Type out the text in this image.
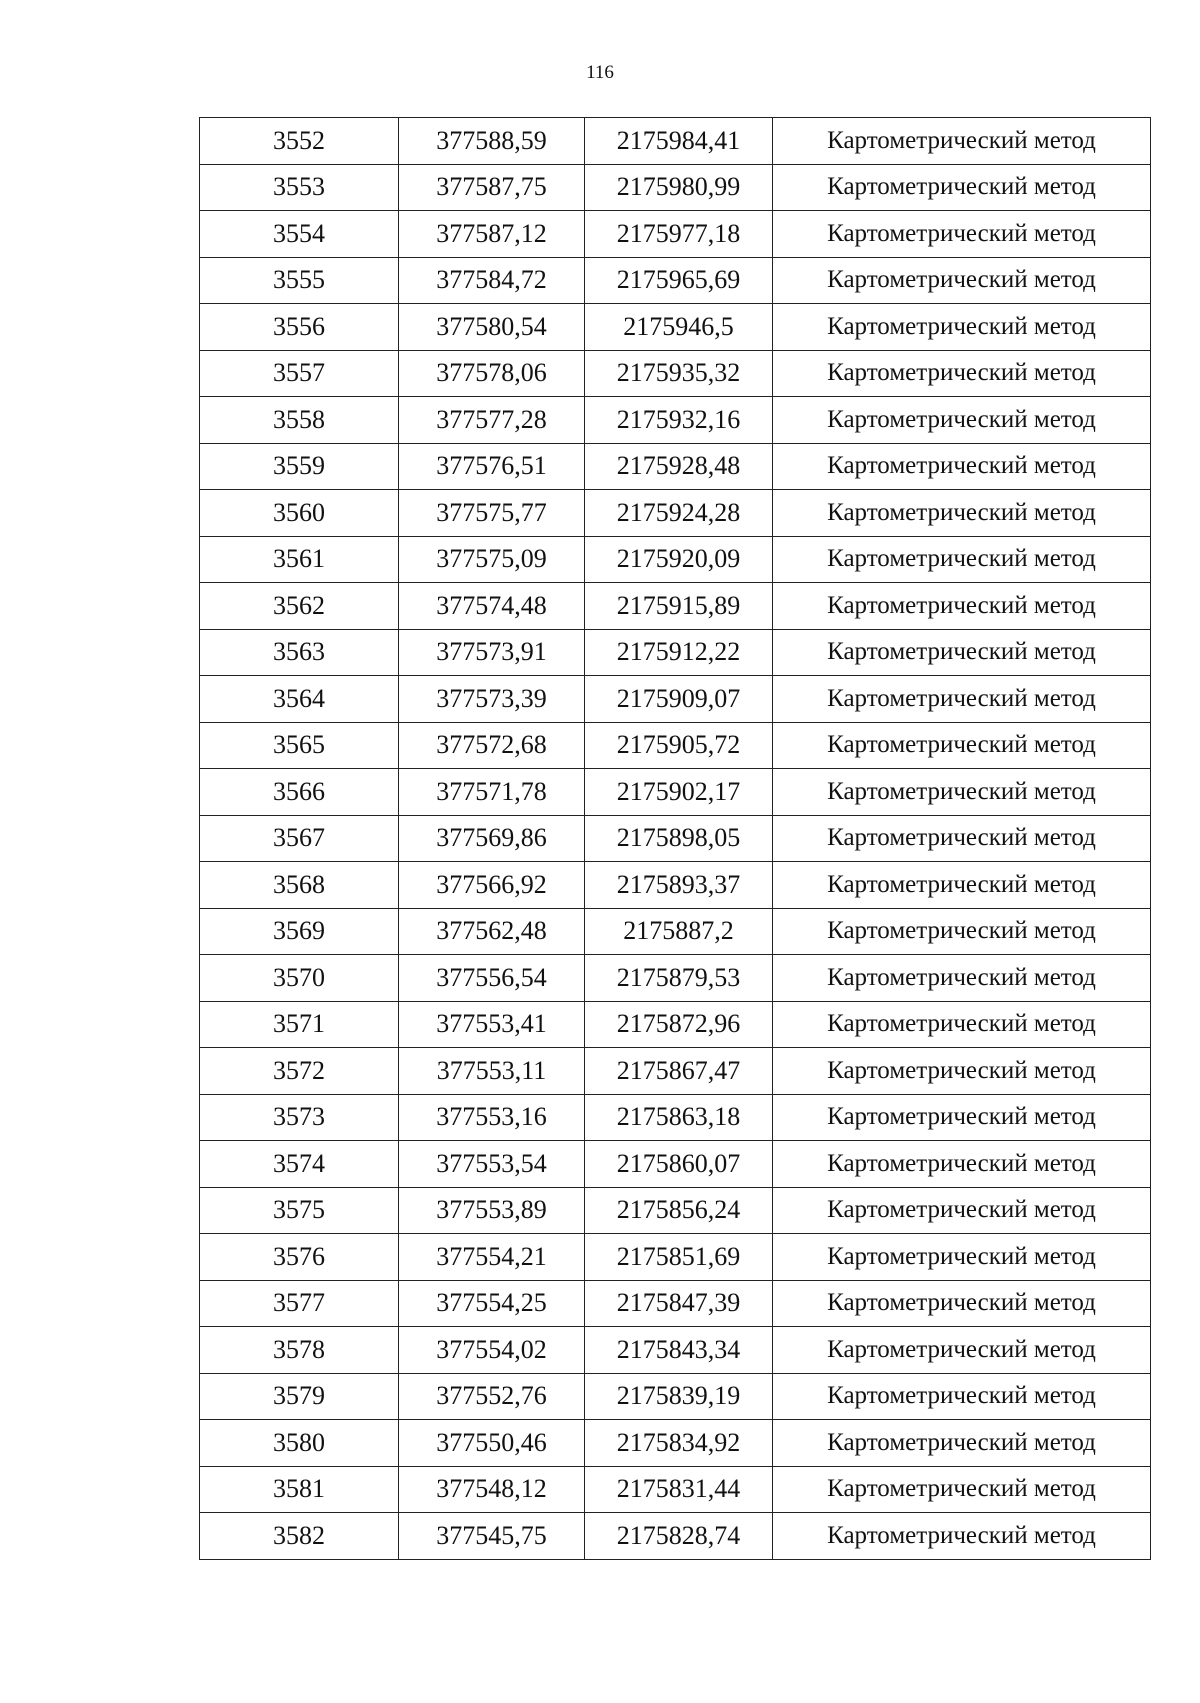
116
3552	377588,59	2175984,41	Картометрический метод
3553	377587,75	2175980,99	Картометрический метод
3554	377587,12	2175977,18	Картометрический метод
3555	377584,72	2175965,69	Картометрический метод
3556	377580,54	2175946,5	Картометрический метод
3557	377578,06	2175935,32	Картометрический метод
3558	377577,28	2175932,16	Картометрический метод
3559	377576,51	2175928,48	Картометрический метод
3560	377575,77	2175924,28	Картометрический метод
3561	377575,09	2175920,09	Картометрический метод
3562	377574,48	2175915,89	Картометрический метод
3563	377573,91	2175912,22	Картометрический метод
3564	377573,39	2175909,07	Картометрический метод
3565	377572,68	2175905,72	Картометрический метод
3566	377571,78	2175902,17	Картометрический метод
3567	377569,86	2175898,05	Картометрический метод
3568	377566,92	2175893,37	Картометрический метод
3569	377562,48	2175887,2	Картометрический метод
3570	377556,54	2175879,53	Картометрический метод
3571	377553,41	2175872,96	Картометрический метод
3572	377553,11	2175867,47	Картометрический метод
3573	377553,16	2175863,18	Картометрический метод
3574	377553,54	2175860,07	Картометрический метод
3575	377553,89	2175856,24	Картометрический метод
3576	377554,21	2175851,69	Картометрический метод
3577	377554,25	2175847,39	Картометрический метод
3578	377554,02	2175843,34	Картометрический метод
3579	377552,76	2175839,19	Картометрический метод
3580	377550,46	2175834,92	Картометрический метод
3581	377548,12	2175831,44	Картометрический метод
3582	377545,75	2175828,74	Картометрический метод
